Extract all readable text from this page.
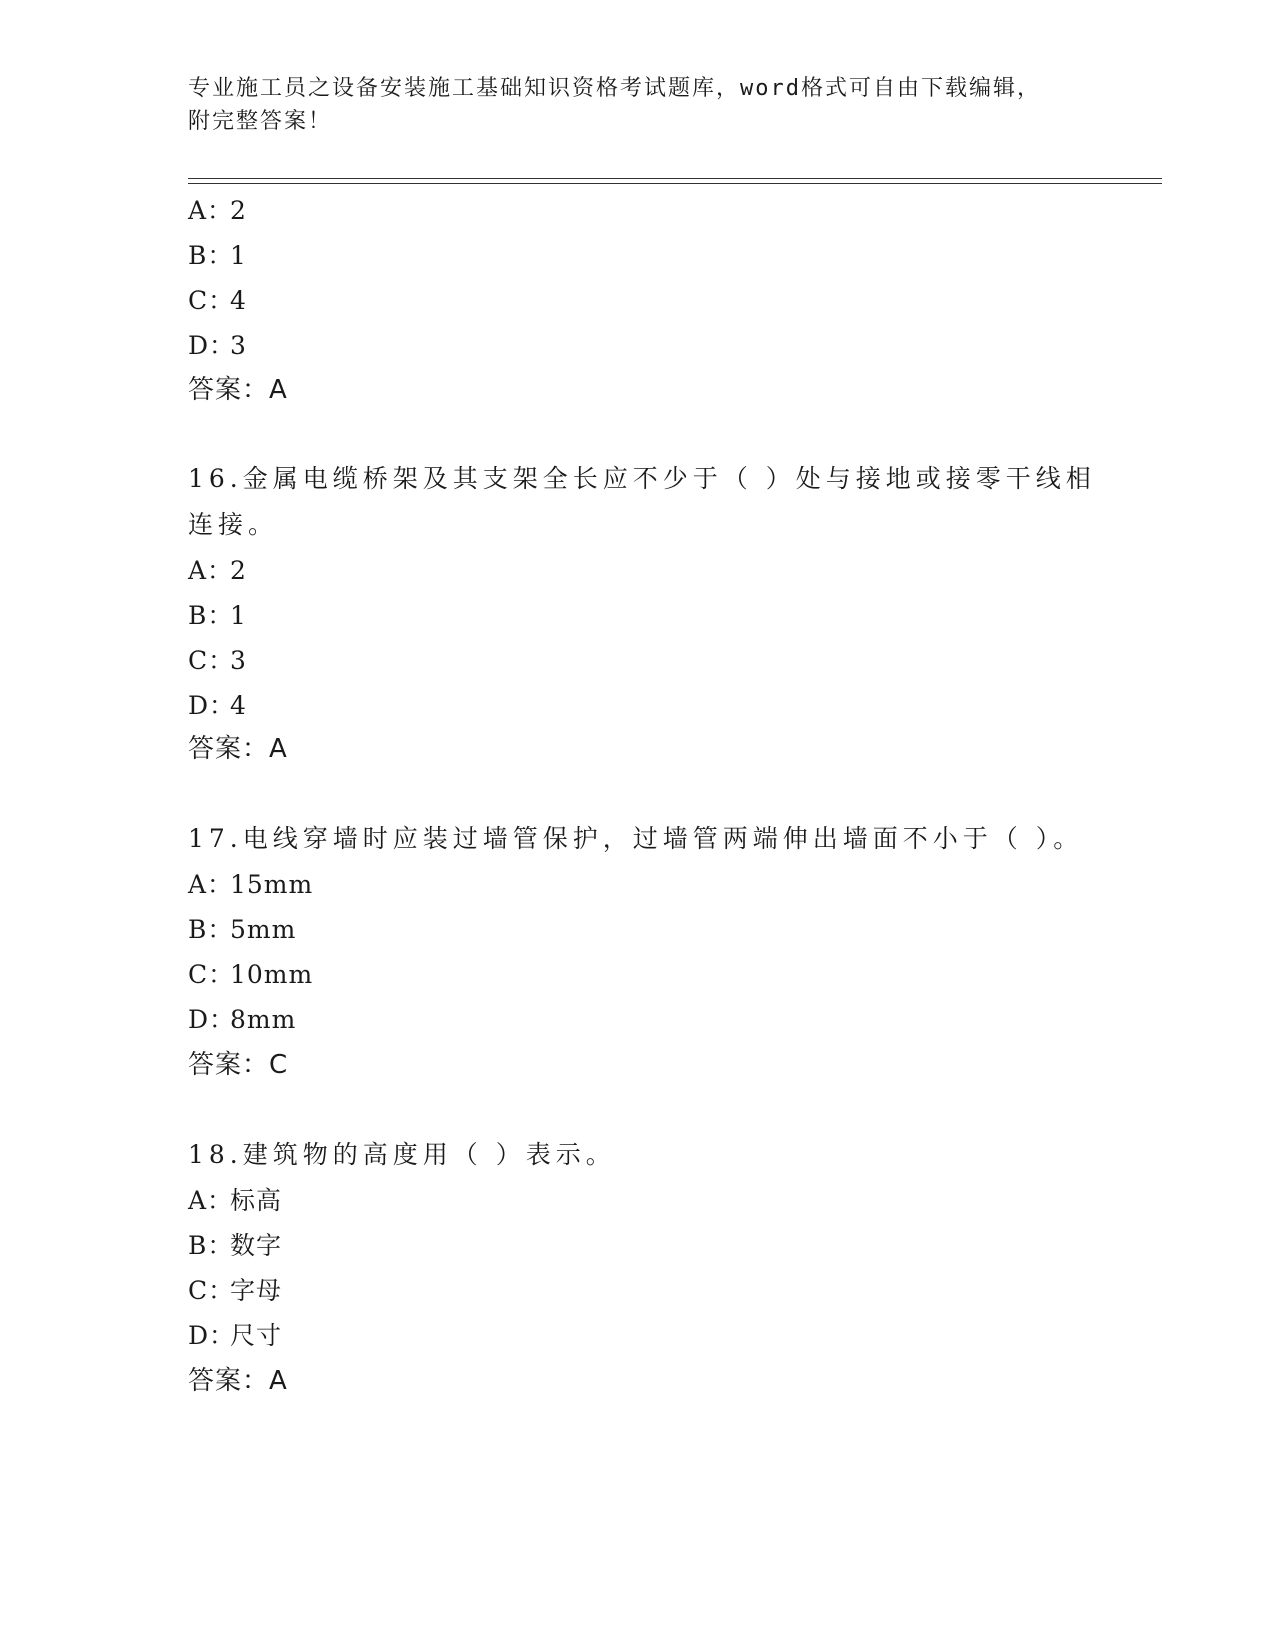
专业施工员之设备安装施工基础知识资格考试题库，word格式可自由下载编辑，
附完整答案！
A：2
B：1
C：4
D：3
答案：A
16.金属电缆桥架及其支架全长应不少于（ ）处与接地或接零干线相
连接。
A：2
B：1
C：3
D：4
答案：A
17.电线穿墙时应装过墙管保护，过墙管两端伸出墙面不小于（ ）。
A：15mm
B：5mm
C：10mm
D：8mm
答案：C
18.建筑物的高度用（ ）表示。
A：标高
B：数字
C：字母
D：尺寸
答案：A
